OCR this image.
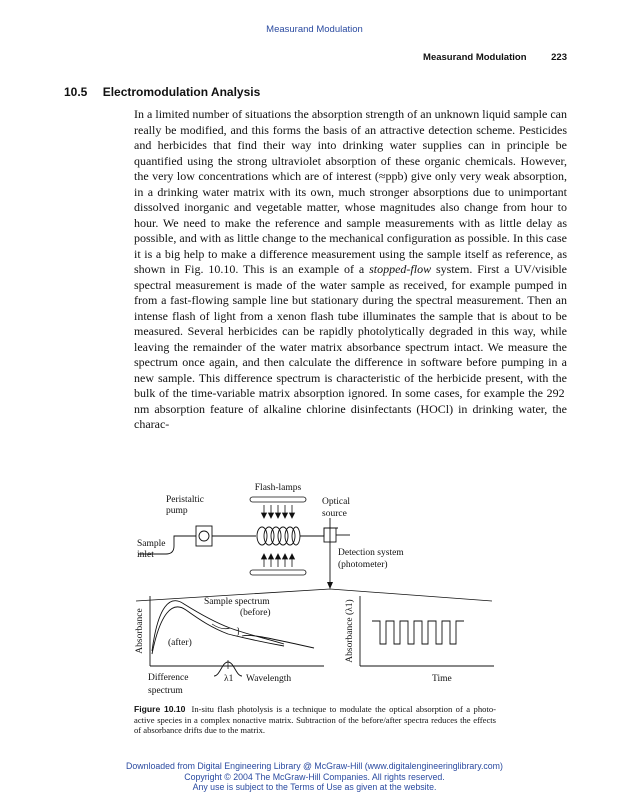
Measurand Modulation
Measurand Modulation	223
10.5 Electromodulation Analysis

In a limited number of situations the absorption strength of an unknown liquid sample can really be modified, and this forms the basis of an attractive detection scheme. Pesticides and herbicides that find their way into drinking water supplies can in principle be quantified using the strong ultraviolet absorption of these organic chemicals. However, the very low concentrations which are of interest (≈ppb) give only very weak absorption, in a drinking water matrix with its own, much stronger absorptions due to unimportant dissolved inorganic and vegetable matter, whose magnitudes also change from hour to hour. We need to make the reference and sample measurements with as little delay as possible, and with as little change to the mechanical configuration as possible. In this case it is a big help to make a difference measurement using the sample itself as reference, as shown in Fig. 10.10. This is an example of a stopped-flow system. First a UV/visible spectral measurement is made of the water sample as received, for example pumped in from a fast-flowing sample line but stationary during the spectral measurement. Then an intense flash of light from a xenon flash tube illuminates the sample that is about to be measured. Several herbicides can be rapidly photolytically degraded in this way, while leaving the remainder of the water matrix absorbance spectrum intact. We measure the spectrum once again, and then calculate the difference in software before pumping in a new sample. This difference spectrum is characteristic of the herbicide present, with the bulk of the time-variable matrix absorption ignored. In some cases, for example the 292 nm absorption feature of alkaline chlorine disinfectants (HOCl) in drinking water, the charac-

Flash-lamps
Peristaltic
pump
Optical
source
Sample
inlet	Detection system
(photometer)
Absorbance
Sample spectrum
(before)
}
(after)	Absorbance (λ1)
Difference
spectrum
λ1 Wavelength	Time

Figure 10.10 In-situ flash photolysis is a technique to modulate the optical absorption of a photo-active species in a complex nonactive matrix. Subtraction of the before/after spectra reduces the effects of absorbance drifts due to the matrix.

Downloaded from Digital Engineering Library @ McGraw-Hill (www.digitalengineeringlibrary.com)
Copyright © 2004 The McGraw-Hill Companies. All rights reserved.
Any use is subject to the Terms of Use as given at the website.
